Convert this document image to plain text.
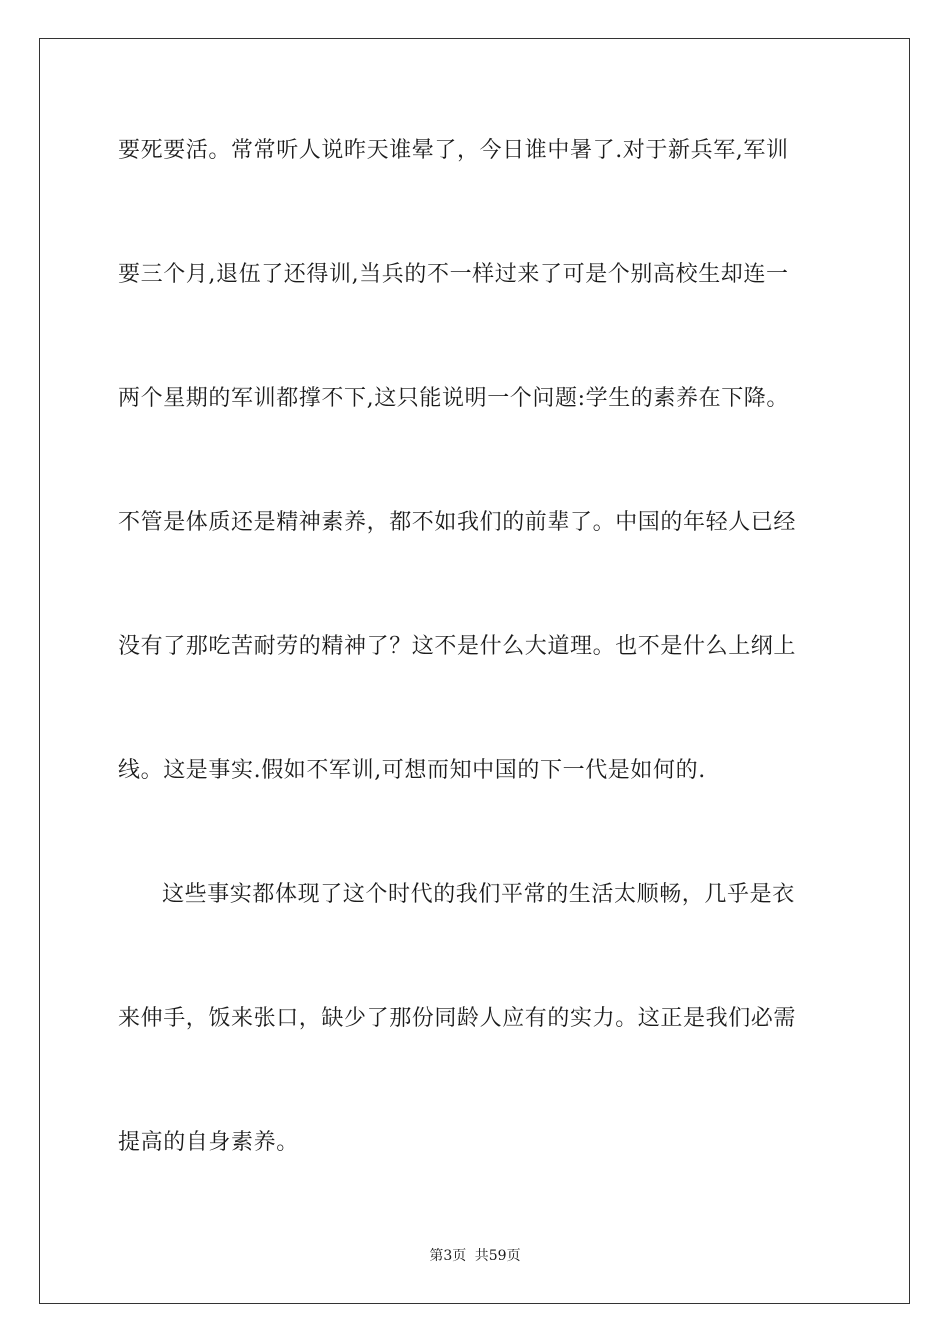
要死要活。常常听人说昨天谁晕了，今日谁中暑了.对于新兵军,军训
要三个月,退伍了还得训,当兵的不一样过来了可是个别高校生却连一
两个星期的军训都撑不下,这只能说明一个问题:学生的素养在下降。
不管是体质还是精神素养，都不如我们的前辈了。中国的年轻人已经
没有了那吃苦耐劳的精神了？这不是什么大道理。也不是什么上纲上
线。这是事实.假如不军训,可想而知中国的下一代是如何的.
这些事实都体现了这个时代的我们平常的生活太顺畅，几乎是衣
来伸手，饭来张口，缺少了那份同龄人应有的实力。这正是我们必需
提高的自身素养。
第3页 共59页
